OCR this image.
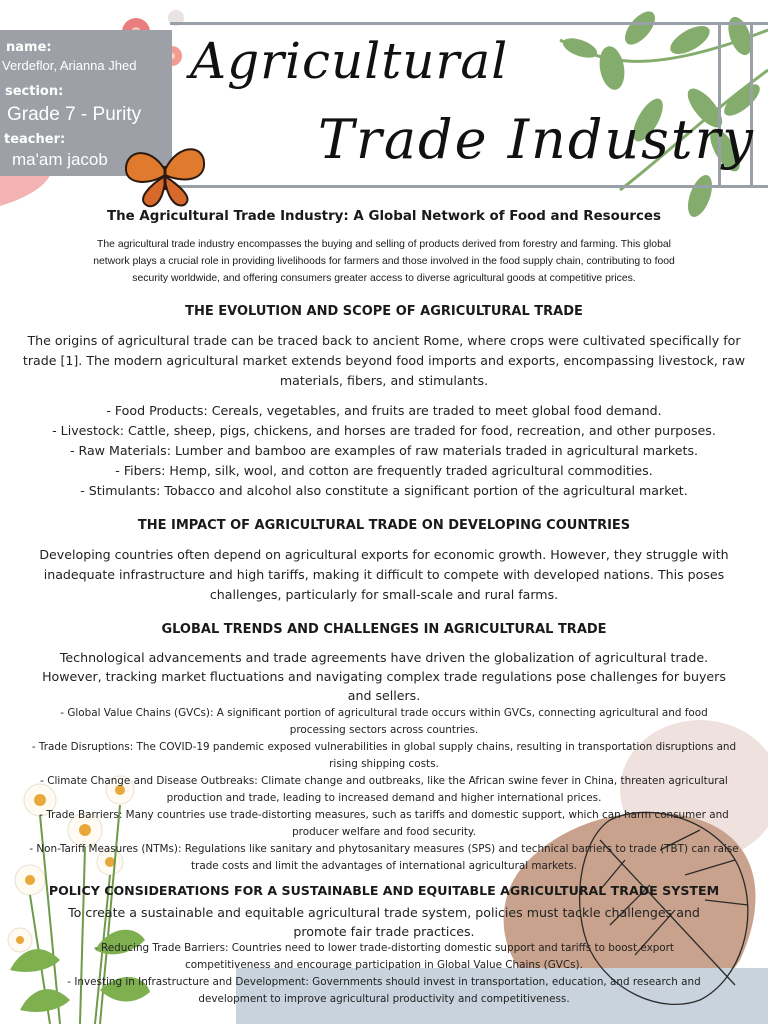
name:
Verdeflor, Arianna Jhed
section:
Grade 7 - Purity
teacher:
ma'am jacob
Agricultural
Trade Industry
The Agricultural Trade Industry: A Global Network of Food and Resources
The agricultural trade industry encompasses the buying and selling of products derived from forestry and farming. This global
network plays a crucial role in providing livelihoods for farmers and those involved in the food supply chain, contributing to food
security worldwide, and offering consumers greater access to diverse agricultural goods at competitive prices.
THE EVOLUTION AND SCOPE OF AGRICULTURAL TRADE
The origins of agricultural trade can be traced back to ancient Rome, where crops were cultivated specifically for
trade [1]. The modern agricultural market extends beyond food imports and exports, encompassing livestock, raw
materials, fibers, and stimulants.
- Food Products: Cereals, vegetables, and fruits are traded to meet global food demand.
- Livestock: Cattle, sheep, pigs, chickens, and horses are traded for food, recreation, and other purposes.
- Raw Materials: Lumber and bamboo are examples of raw materials traded in agricultural markets.
- Fibers: Hemp, silk, wool, and cotton are frequently traded agricultural commodities.
- Stimulants: Tobacco and alcohol also constitute a significant portion of the agricultural market.
THE IMPACT OF AGRICULTURAL TRADE ON DEVELOPING COUNTRIES
Developing countries often depend on agricultural exports for economic growth. However, they struggle with
inadequate infrastructure and high tariffs, making it difficult to compete with developed nations. This poses
challenges, particularly for small-scale and rural farms.
GLOBAL TRENDS AND CHALLENGES IN AGRICULTURAL TRADE
Technological advancements and trade agreements have driven the globalization of agricultural trade.
However, tracking market fluctuations and navigating complex trade regulations pose challenges for buyers
and sellers.
- Global Value Chains (GVCs): A significant portion of agricultural trade occurs within GVCs, connecting agricultural and food
processing sectors across countries.
- Trade Disruptions: The COVID-19 pandemic exposed vulnerabilities in global supply chains, resulting in transportation disruptions and
rising shipping costs.
- Climate Change and Disease Outbreaks: Climate change and outbreaks, like the African swine fever in China, threaten agricultural
production and trade, leading to increased demand and higher international prices.
- Trade Barriers: Many countries use trade-distorting measures, such as tariffs and domestic support, which can harm consumer and
producer welfare and food security.
- Non-Tariff Measures (NTMs): Regulations like sanitary and phytosanitary measures (SPS) and technical barriers to trade (TBT) can raise
trade costs and limit the advantages of international agricultural markets.
POLICY CONSIDERATIONS FOR A SUSTAINABLE AND EQUITABLE AGRICULTURAL TRADE SYSTEM
To create a sustainable and equitable agricultural trade system, policies must tackle challenges and
promote fair trade practices.
- Reducing Trade Barriers: Countries need to lower trade-distorting domestic support and tariffs to boost export
competitiveness and encourage participation in Global Value Chains (GVCs).
- Investing in Infrastructure and Development: Governments should invest in transportation, education, and research and
development to improve agricultural productivity and competitiveness.
